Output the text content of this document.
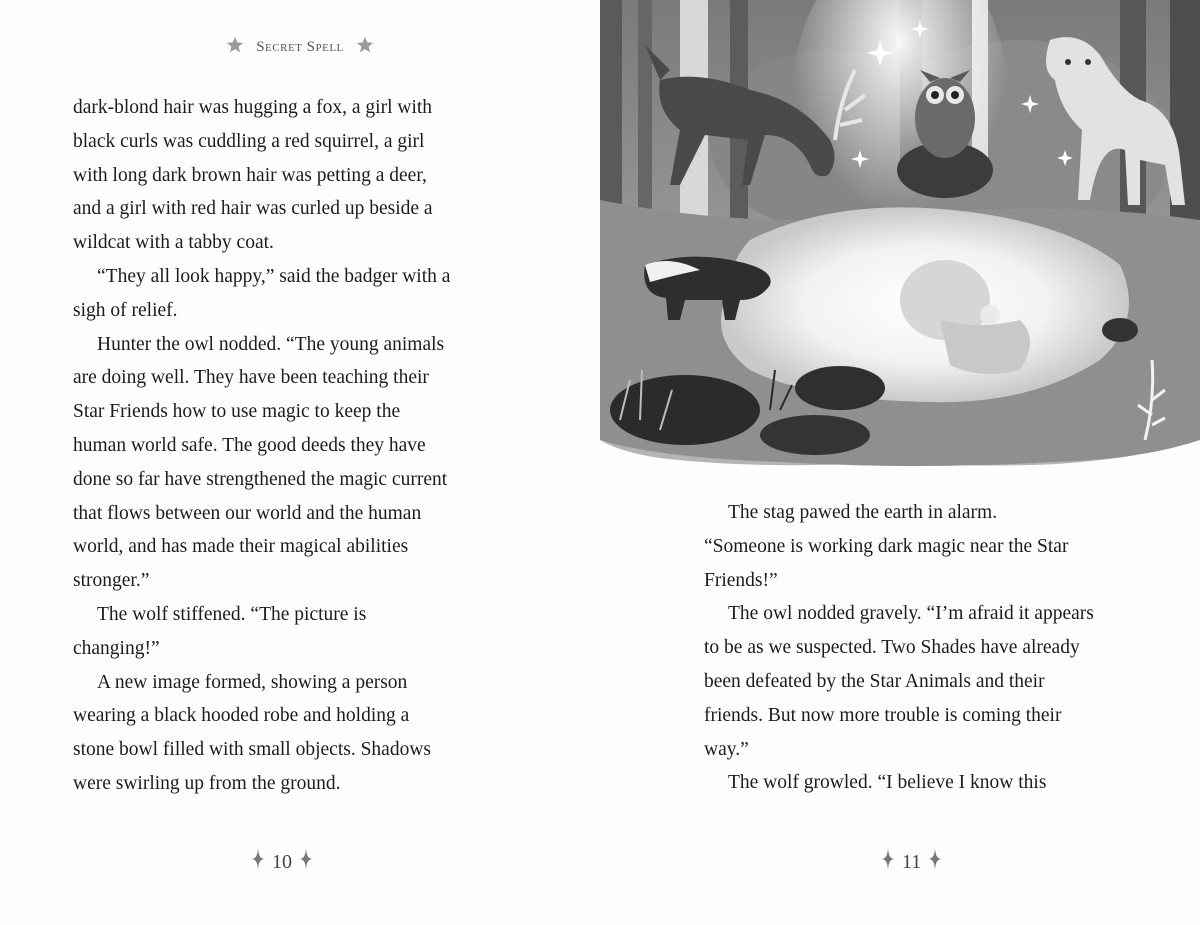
Secret Spell
dark-blond hair was hugging a fox, a girl with
black curls was cuddling a red squirrel, a girl
with long dark brown hair was petting a deer,
and a girl with red hair was curled up beside a
wildcat with a tabby coat.
“They all look happy,” said the badger with a
sigh of relief.
Hunter the owl nodded. “The young animals
are doing well. They have been teaching their
Star Friends how to use magic to keep the
human world safe. The good deeds they have
done so far have strengthened the magic current
that flows between our world and the human
world, and has made their magical abilities
stronger.”
The wolf stiffened. “The picture is
changing!”
A new image formed, showing a person
wearing a black hooded robe and holding a
stone bowl filled with small objects. Shadows
were swirling up from the ground.
10
The stag pawed the earth in alarm.
“Someone is working dark magic near the Star
Friends!”
The owl nodded gravely. “I’m afraid it appears
to be as we suspected. Two Shades have already
been defeated by the Star Animals and their
friends. But now more trouble is coming their
way.”
The wolf growled. “I believe I know this
11
